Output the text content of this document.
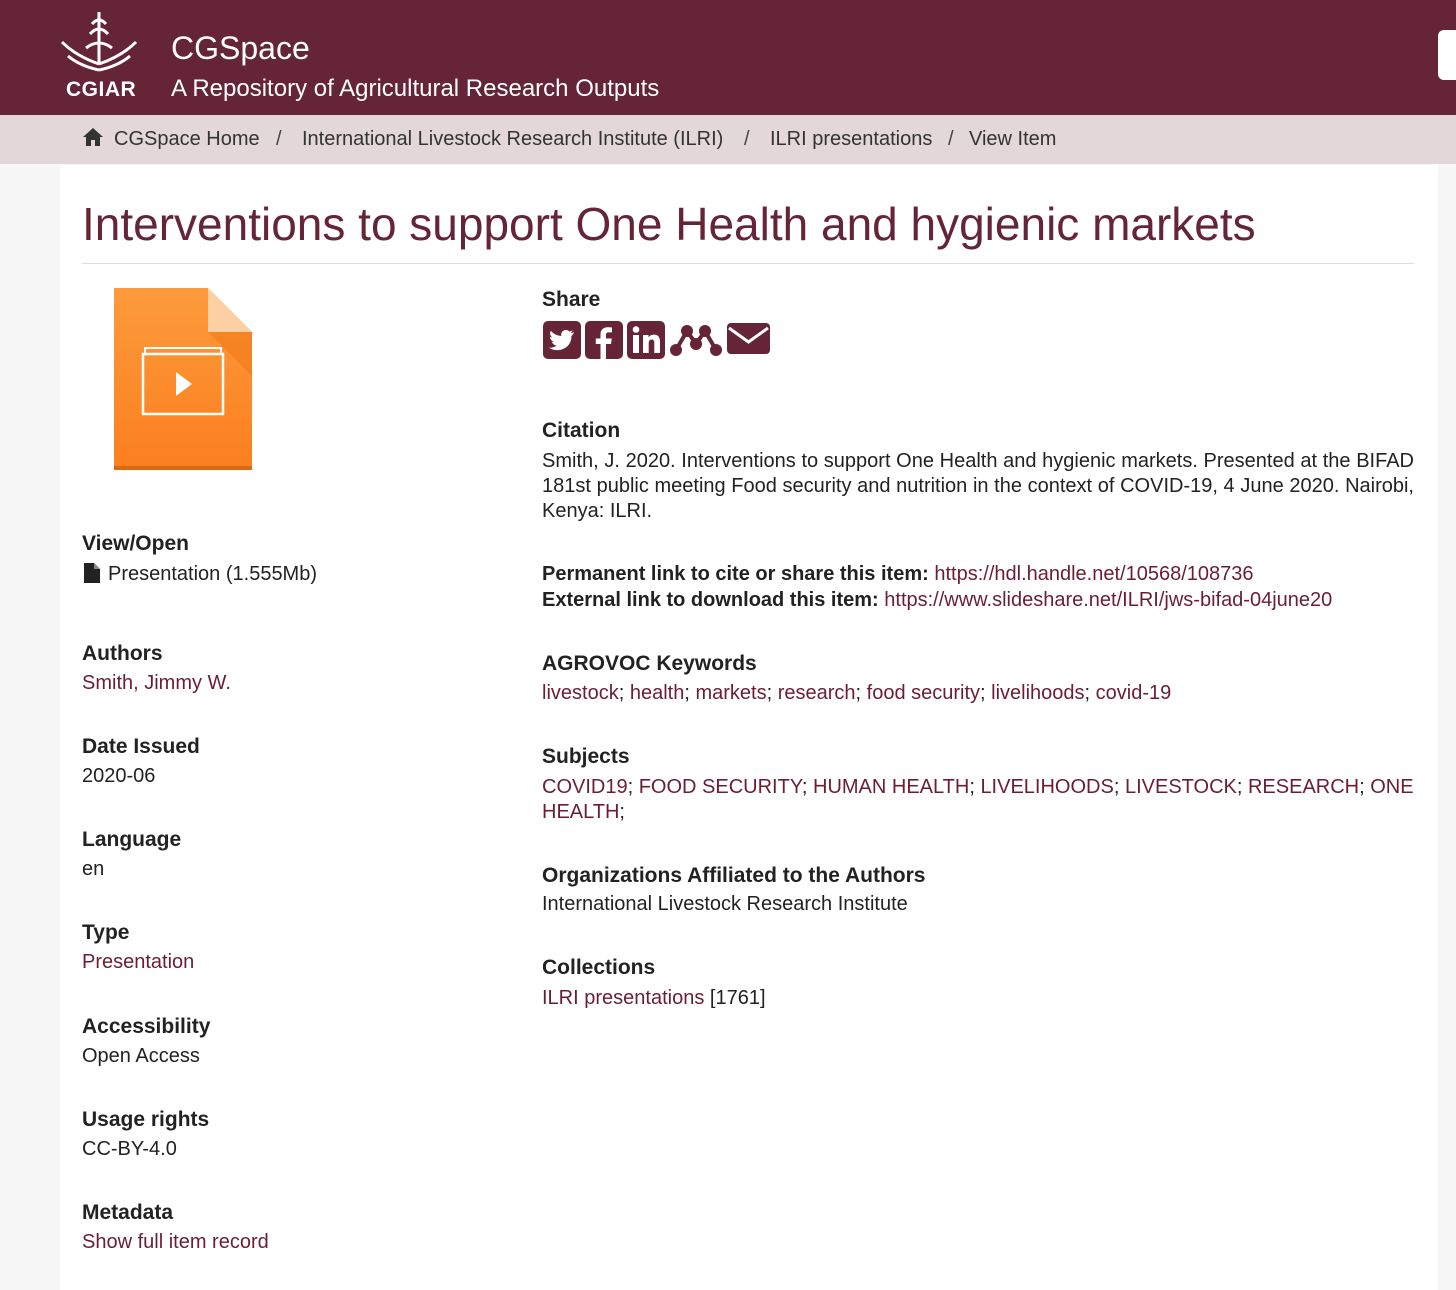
CGIAR
CGSpace
A Repository of Agricultural Research Outputs
CGSpace Home / International Livestock Research Institute (ILRI) / ILRI presentations / View Item
Interventions to support One Health and hygienic markets
View/Open
Presentation (1.555Mb)
Authors
Smith, Jimmy W.
Date Issued
2020-06
Language
en
Type
Presentation
Accessibility
Open Access
Usage rights
CC-BY-4.0
Metadata
Show full item record
Share
Citation
Smith, J. 2020. Interventions to support One Health and hygienic markets. Presented at the BIFAD 181st public meeting Food security and nutrition in the context of COVID-19, 4 June 2020. Nairobi, Kenya: ILRI.
Permanent link to cite or share this item: https://hdl.handle.net/10568/108736
External link to download this item: https://www.slideshare.net/ILRI/jws-bifad-04june20
AGROVOC Keywords
livestock; health; markets; research; food security; livelihoods; covid-19
Subjects
COVID19; FOOD SECURITY; HUMAN HEALTH; LIVELIHOODS; LIVESTOCK; RESEARCH; ONE HEALTH;
Organizations Affiliated to the Authors
International Livestock Research Institute
Collections
ILRI presentations [1761]
